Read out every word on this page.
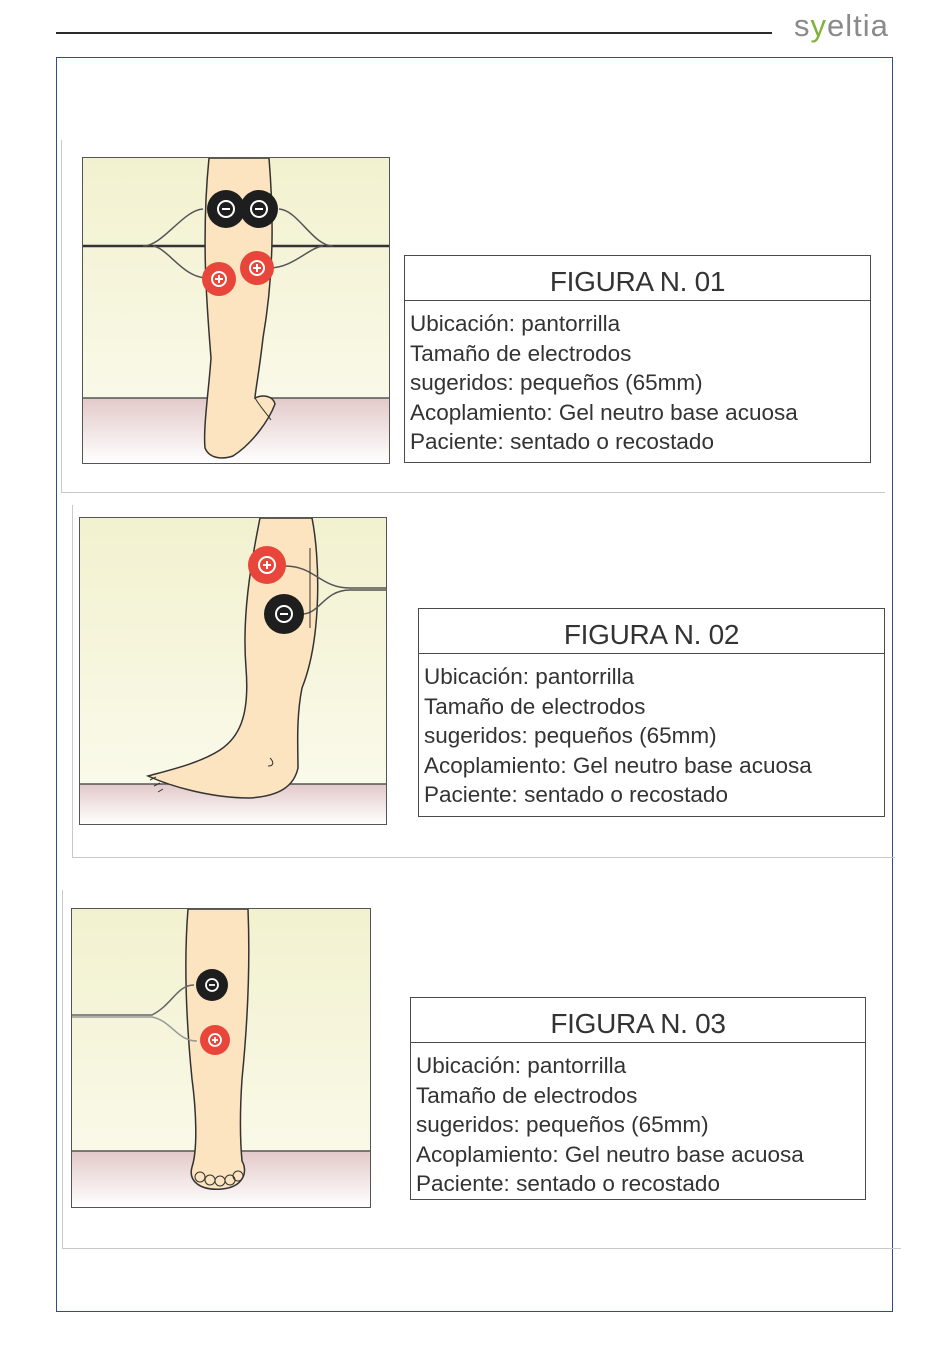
syeltia
FIGURA N. 01
Ubicación: pantorrilla
Tamaño de electrodos
sugeridos: pequeños (65mm)
Acoplamiento: Gel neutro base acuosa
Paciente: sentado o recostado
FIGURA N. 02
Ubicación: pantorrilla
Tamaño de electrodos
sugeridos: pequeños (65mm)
Acoplamiento: Gel neutro base acuosa
Paciente: sentado o recostado
FIGURA N. 03
Ubicación: pantorrilla
Tamaño de electrodos
sugeridos: pequeños (65mm)
Acoplamiento: Gel neutro base acuosa
Paciente: sentado o recostado
